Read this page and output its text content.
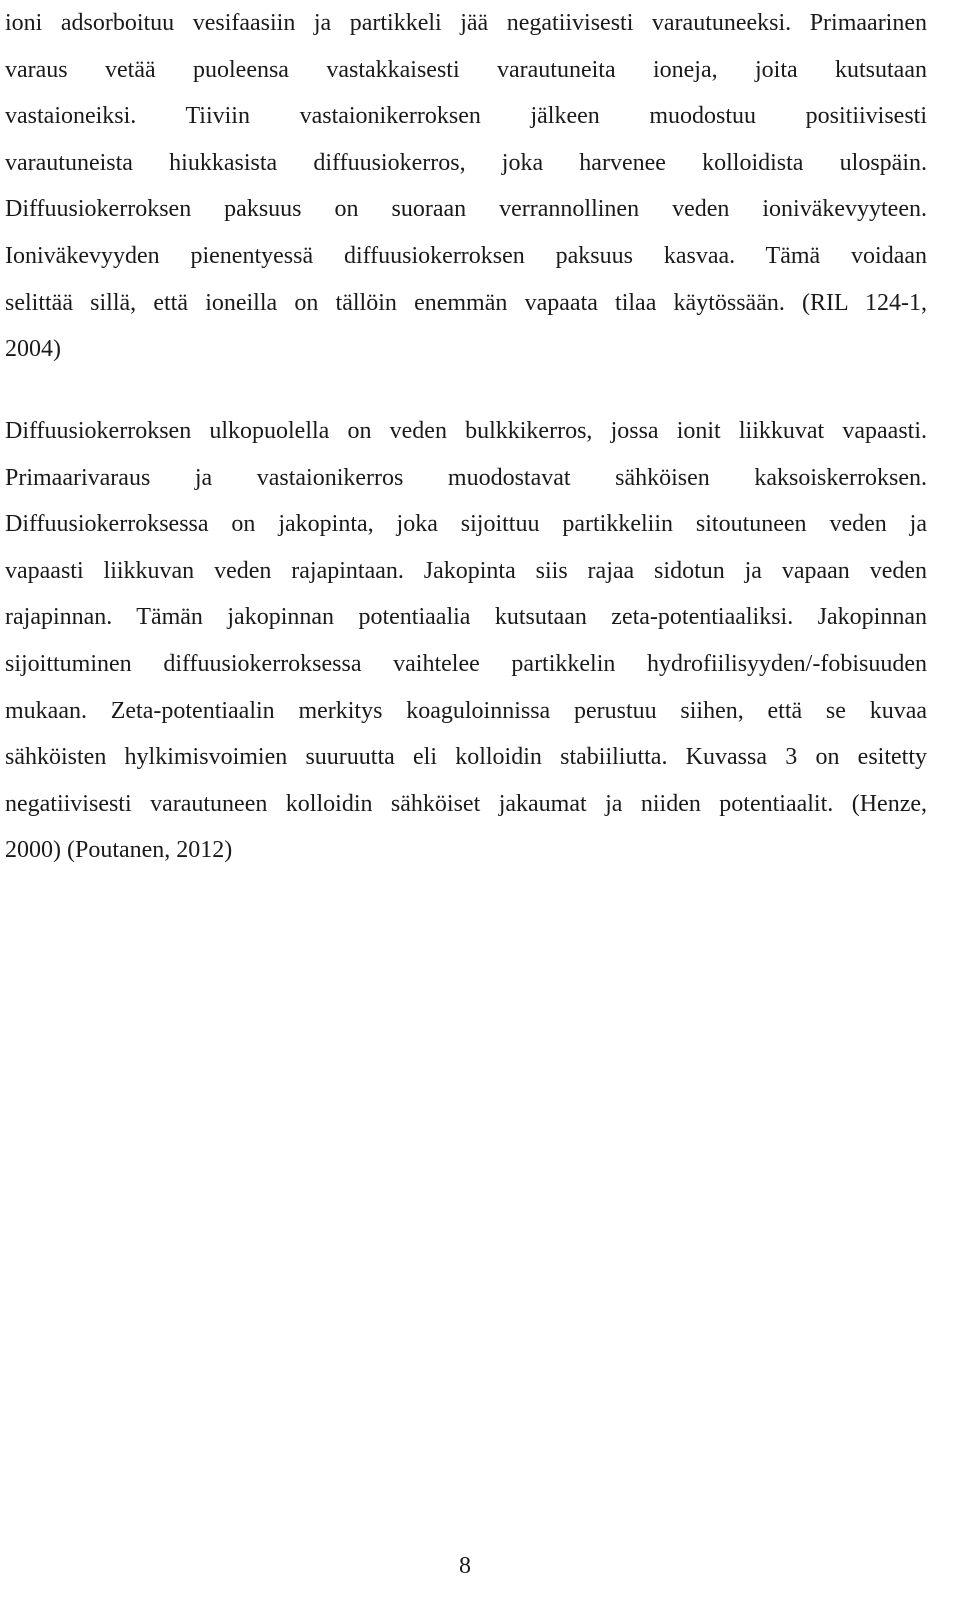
ioni adsorboituu vesifaasiin ja partikkeli jää negatiivisesti varautuneeksi. Primaarinen
varaus vetää puoleensa vastakkaisesti varautuneita ioneja, joita kutsutaan
vastaioneiksi. Tiiviin vastaionikerroksen jälkeen muodostuu positiivisesti
varautuneista hiukkasista diffuusiokerros, joka harvenee kolloidista ulospäin.
Diffuusiokerroksen paksuus on suoraan verrannollinen veden ioniväkevyyteen.
Ioniväkevyyden pienentyessä diffuusiokerroksen paksuus kasvaa. Tämä voidaan
selittää sillä, että ioneilla on tällöin enemmän vapaata tilaa käytössään. (RIL 124-1,
2004)
Diffuusiokerroksen ulkopuolella on veden bulkkikerros, jossa ionit liikkuvat vapaasti.
Primaarivaraus ja vastaionikerros muodostavat sähköisen kaksoiskerroksen.
Diffuusiokerroksessa on jakopinta, joka sijoittuu partikkeliin sitoutuneen veden ja
vapaasti liikkuvan veden rajapintaan. Jakopinta siis rajaa sidotun ja vapaan veden
rajapinnan. Tämän jakopinnan potentiaalia kutsutaan zeta-potentiaaliksi. Jakopinnan
sijoittuminen diffuusiokerroksessa vaihtelee partikkelin hydrofiilisyyden/-fobisuuden
mukaan. Zeta-potentiaalin merkitys koaguloinnissa perustuu siihen, että se kuvaa
sähköisten hylkimisvoimien suuruutta eli kolloidin stabiiliutta. Kuvassa 3 on esitetty
negatiivisesti varautuneen kolloidin sähköiset jakaumat ja niiden potentiaalit. (Henze,
2000) (Poutanen, 2012)
8
